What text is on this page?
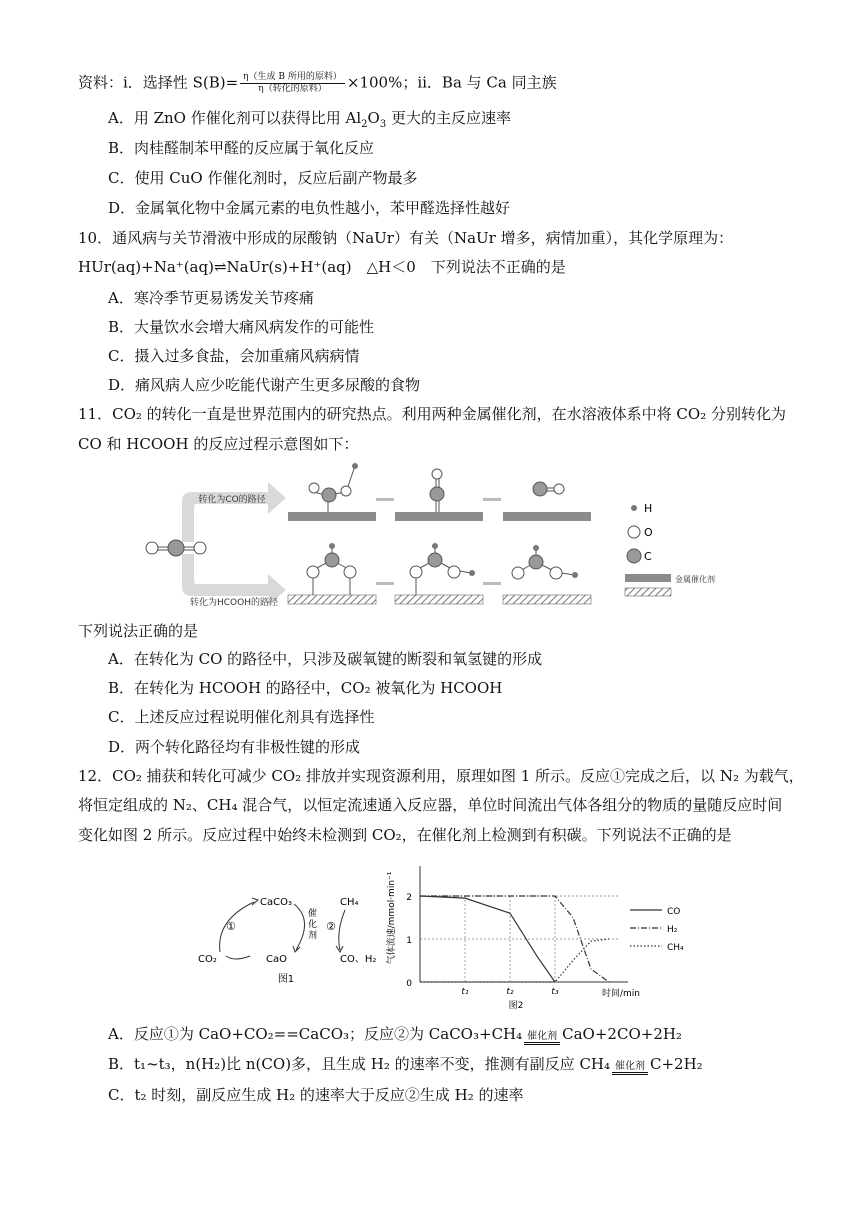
资料：ⅰ．选择性 $S(B)= \frac{\text{η（生成 B 所用的原料）}}{\text{η（转化的原料）}} \times 100\%$；ⅱ．Ba 与 Ca 同主族
A．用 ZnO 作催化剂可以获得比用 $Al_2O_3$ 更大的主反应速率
B．肉桂醛制苯甲醛的反应属于氧化反应
C．使用 CuO 作催化剂时，反应后副产物最多
D．金属氧化物中金属元素的电负性越小，苯甲醛选择性越好
10．通风病与关节滑液中形成的尿酸钠（NaUr）有关（NaUr 增多，病情加重），其化学原理为：
HUr(aq)+Na⁺(aq)⇌NaUr(s)+H⁺(aq)　△H＜0　下列说法不正确的是
A．寒冷季节更易诱发关节疼痛
B．大量饮水会增大痛风病发作的可能性
C．摄入过多食盐，会加重痛风病病情
D．痛风病人应少吃能代谢产生更多尿酸的食物
11．CO₂ 的转化一直是世界范围内的研究热点。利用两种金属催化剂，在水溶液体系中将 CO₂ 分别转化为
CO 和 HCOOH 的反应过程示意图如下：
转化为CO的路径
转化为HCOOH的路径
H
O
C
金属催化剂
下列说法正确的是
A．在转化为 CO 的路径中，只涉及碳氧键的断裂和氧氢键的形成
B．在转化为 HCOOH 的路径中，CO₂ 被氧化为 HCOOH
C．上述反应过程说明催化剂具有选择性
D．两个转化路径均有非极性键的形成
12．CO₂ 捕获和转化可减少 CO₂ 排放并实现资源利用，原理如图 1 所示。反应①完成之后，以 N₂ 为载气，
将恒定组成的 N₂、CH₄ 混合气，以恒定流速通入反应器，单位时间流出气体各组分的物质的量随反应时间
变化如图 2 所示。反应过程中始终未检测到 CO₂，在催化剂上检测到有积碳。下列说法不正确的是
CaCO₃	CH₄
CO₂	CaO	CO、H₂
①	②
催
化
剂
图1
气体流速/mmol·min⁻¹
0
1
2
t₁	t₂	t₃	时间/min
图2
CO
H₂
CH₄
A．反应①为 CaO+CO₂==CaCO₃；反应②为 CaCO₃+CH₄ 催化剂 CaO+2CO+2H₂
B．t₁~t₃，n(H₂)比 n(CO)多，且生成 H₂ 的速率不变，推测有副反应 CH₄ 催化剂 C+2H₂
C．t₂ 时刻，副反应生成 H₂ 的速率大于反应②生成 H₂ 的速率
